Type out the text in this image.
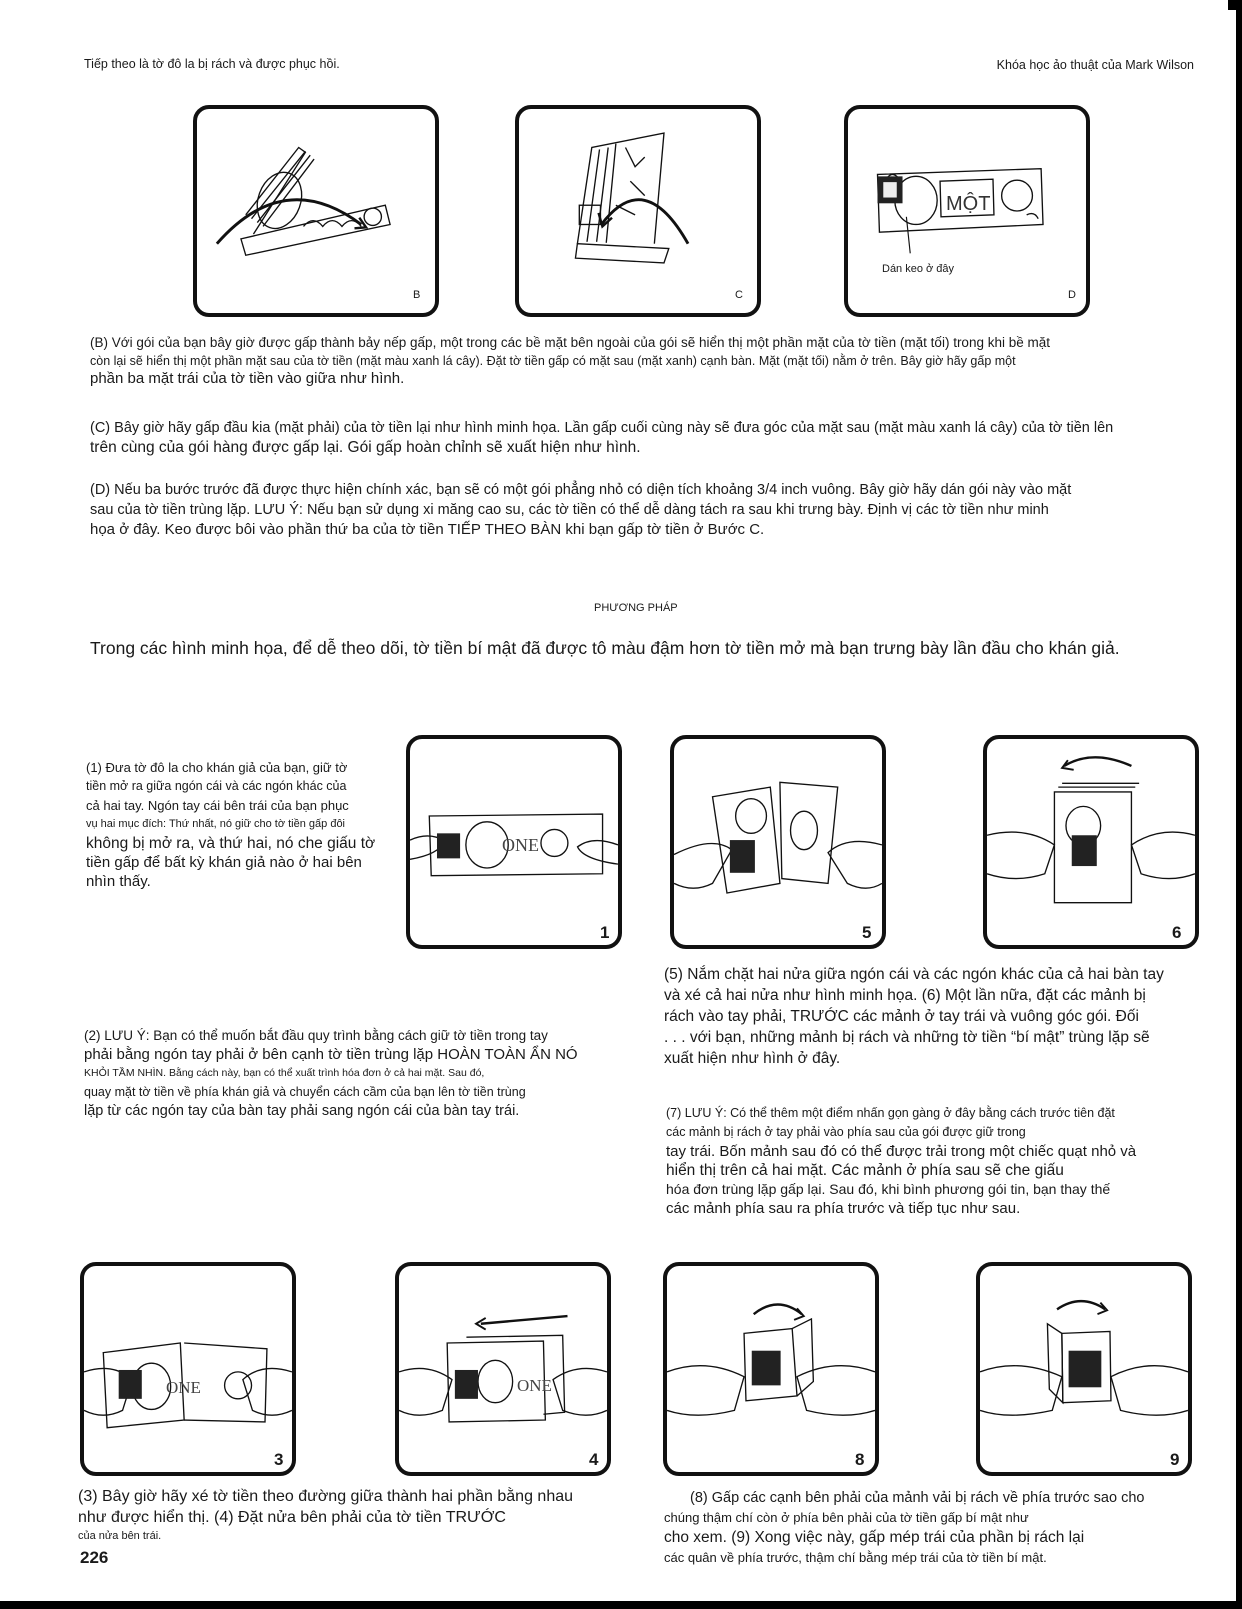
Tiếp theo là tờ đô la bị rách và được phục hồi.	Khóa học ảo thuật của Mark Wilson
B	C
MỘT
Dán keo ở đây
D
(B) Với gói của bạn bây giờ được gấp thành bảy nếp gấp, một trong các bề mặt bên ngoài của gói sẽ hiển thị một phần mặt của tờ tiền (mặt tối) trong khi bề mặt
còn lại sẽ hiển thị một phần mặt sau của tờ tiền (mặt màu xanh lá cây). Đặt tờ tiền gấp có mặt sau (mặt xanh) cạnh bàn. Mặt (mặt tối) nằm ở trên. Bây giờ hãy gấp một
phần ba mặt trái của tờ tiền vào giữa như hình.
(C) Bây giờ hãy gấp đầu kia (mặt phải) của tờ tiền lại như hình minh họa. Lần gấp cuối cùng này sẽ đưa góc của mặt sau (mặt màu xanh lá cây) của tờ tiền lên
trên cùng của gói hàng được gấp lại. Gói gấp hoàn chỉnh sẽ xuất hiện như hình.
(D) Nếu ba bước trước đã được thực hiện chính xác, bạn sẽ có một gói phẳng nhỏ có diện tích khoảng 3/4 inch vuông. Bây giờ hãy dán gói này vào mặt
sau của tờ tiền trùng lặp. LƯU Ý: Nếu bạn sử dụng xi măng cao su, các tờ tiền có thể dễ dàng tách ra sau khi trưng bày. Định vị các tờ tiền như minh
họa ở đây. Keo được bôi vào phần thứ ba của tờ tiền TIẾP THEO BÀN khi bạn gấp tờ tiền ở Bước C.
PHƯƠNG PHÁP
Trong các hình minh họa, để dễ theo dõi, tờ tiền bí mật đã được tô màu đậm hơn tờ tiền mở mà bạn trưng bày lần đầu cho khán giả.
(1) Đưa tờ đô la cho khán giả của bạn, giữ tờ
tiền mở ra giữa ngón cái và các ngón khác của
cả hai tay. Ngón tay cái bên trái của bạn phục
vụ hai mục đích: Thứ nhất, nó giữ cho tờ tiền gấp đôi
không bị mở ra, và thứ hai, nó che giấu tờ
tiền gấp để bất kỳ khán giả nào ở hai bên
nhìn thấy.
ONE
1	5	6
(5) Nắm chặt hai nửa giữa ngón cái và các ngón khác của cả hai bàn tay
và xé cả hai nửa như hình minh họa. (6) Một lần nữa, đặt các mảnh bị
rách vào tay phải, TRƯỚC các mảnh ở tay trái và vuông góc gói. Đối
. . . với bạn, những mảnh bị rách và những tờ tiền “bí mật” trùng lặp sẽ
xuất hiện như hình ở đây.
(2) LƯU Ý: Bạn có thể muốn bắt đầu quy trình bằng cách giữ tờ tiền trong tay
phải bằng ngón tay phải ở bên cạnh tờ tiền trùng lặp HOÀN TOÀN ẨN NÓ
KHỎI TẦM NHÌN. Bằng cách này, bạn có thể xuất trình hóa đơn ở cả hai mặt. Sau đó,
quay mặt tờ tiền về phía khán giả và chuyển cách cầm của bạn lên tờ tiền trùng
lặp từ các ngón tay của bàn tay phải sang ngón cái của bàn tay trái.	(7) LƯU Ý: Có thể thêm một điểm nhấn gọn gàng ở đây bằng cách trước tiên đặt
các mảnh bị rách ở tay phải vào phía sau của gói được giữ trong
tay trái. Bốn mảnh sau đó có thể được trải trong một chiếc quạt nhỏ và
hiển thị trên cả hai mặt. Các mảnh ở phía sau sẽ che giấu
hóa đơn trùng lặp gấp lại. Sau đó, khi bình phương gói tin, bạn thay thế
các mảnh phía sau ra phía trước và tiếp tục như sau.
ONE
3
ONE
4	8	9
(3) Bây giờ hãy xé tờ tiền theo đường giữa thành hai phần bằng nhau
như được hiển thị. (4) Đặt nửa bên phải của tờ tiền TRƯỚC
của nửa bên trái.
(8) Gấp các cạnh bên phải của mảnh vải bị rách về phía trước sao cho
chúng thậm chí còn ở phía bên phải của tờ tiền gấp bí mật như
cho xem. (9) Xong việc này, gấp mép trái của phần bị rách lại
các quân về phía trước, thậm chí bằng mép trái của tờ tiền bí mật.
226
